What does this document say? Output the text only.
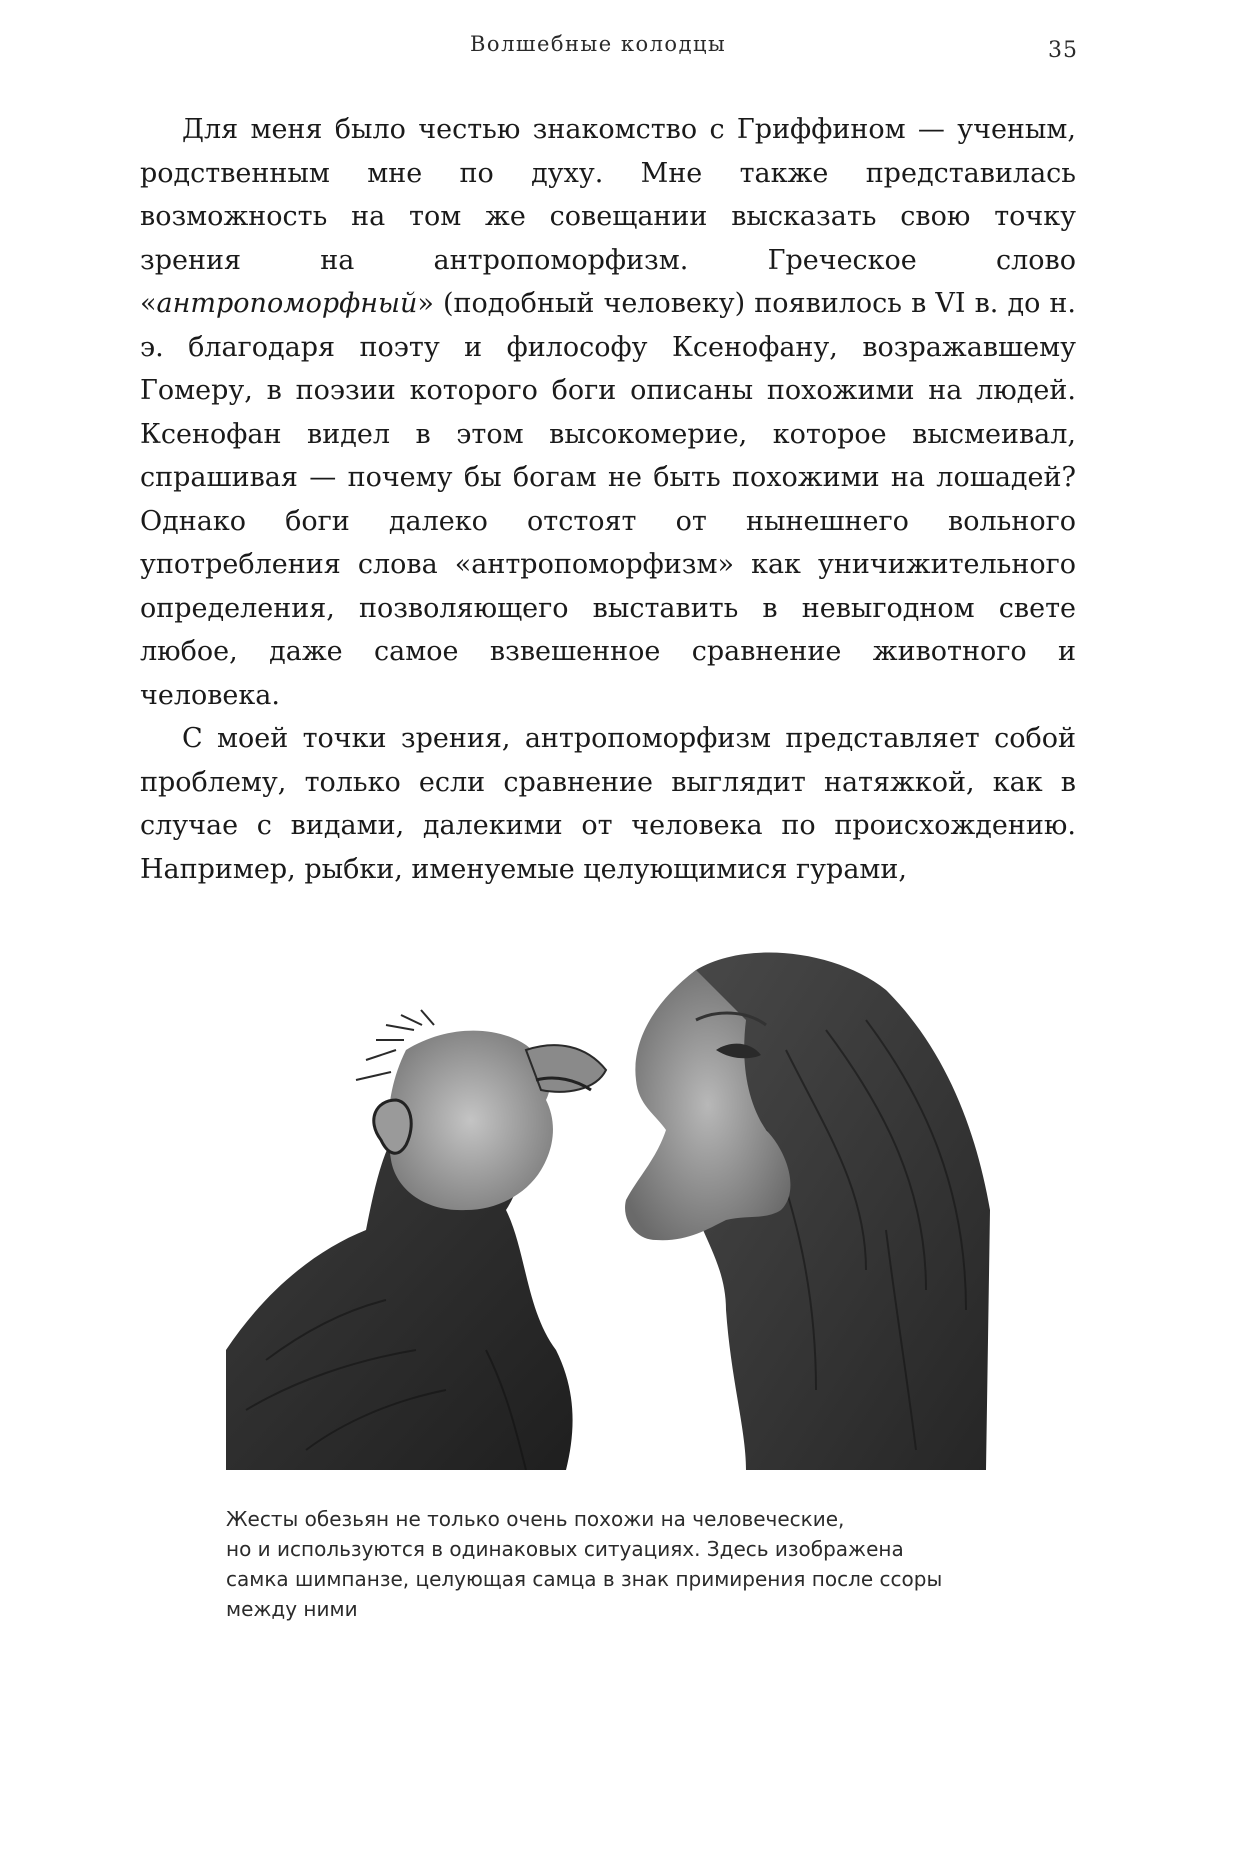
Волшебные колодцы	35

Для меня было честью знакомство с Гриффином — ученым, родственным мне по духу. Мне также представилась возможность на том же совещании высказать свою точку зрения на антропоморфизм. Греческое слово «антропоморфный» (подобный человеку) появилось в VI в. до н. э. благодаря поэту и философу Ксенофану, возражавшему Гомеру, в поэзии которого боги описаны похожими на людей. Ксенофан видел в этом высокомерие, которое высмеивал, спрашивая — почему бы богам не быть похожими на лошадей? Однако боги далеко отстоят от нынешнего вольного употребления слова «антропоморфизм» как уничижительного определения, позволяющего выставить в невыгодном свете любое, даже самое взвешенное сравнение животного и человека.

С моей точки зрения, антропоморфизм представляет собой проблему, только если сравнение выглядит натяжкой, как в случае с видами, далекими от человека по происхождению. Например, рыбки, именуемые целующимися гурами,

Жесты обезьян не только очень похожи на человеческие,
но и используются в одинаковых ситуациях. Здесь изображена
самка шимпанзе, целующая самца в знак примирения после ссоры
между ними
